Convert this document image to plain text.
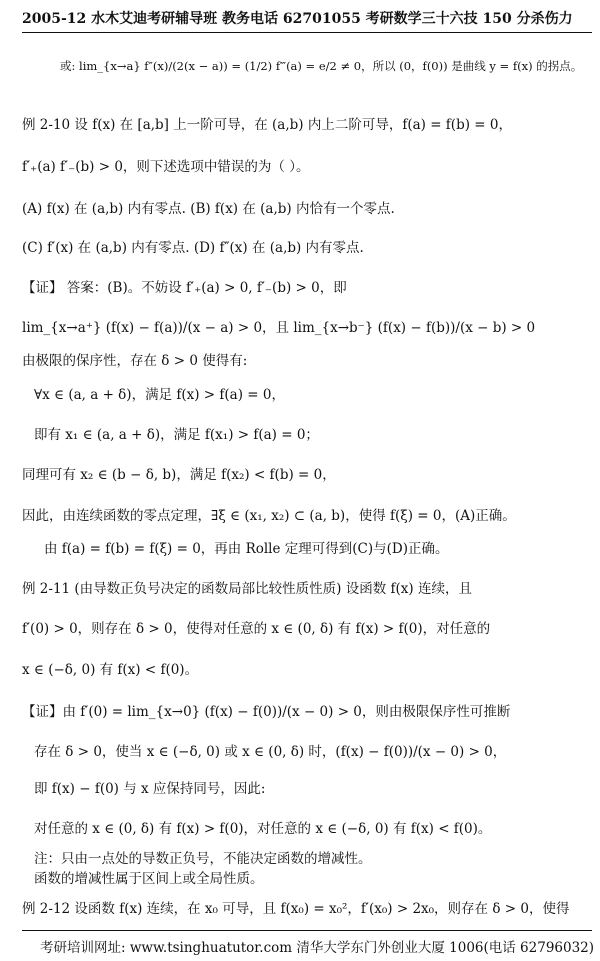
2005-12 水木艾迪考研辅导班 教务电话 62701055 考研数学三十六技 150 分杀伤力
或: lim_{x→a} f″(x)/(2(x − a)) = (1/2) f‴(a) = e/2 ≠ 0，所以 (0，f(0)) 是曲线 y = f(x) 的拐点。
例 2-10 设 f(x) 在 [a,b] 上一阶可导，在 (a,b) 内上二阶可导，f(a) = f(b) = 0，
f′₊(a) f′₋(b) > 0，则下述选项中错误的为（ ）。
(A) f(x) 在 (a,b) 内有零点. (B) f(x) 在 (a,b) 内恰有一个零点.
(C) f′(x) 在 (a,b) 内有零点. (D) f″(x) 在 (a,b) 内有零点.
【证】 答案：(B)。不妨设 f′₊(a) > 0, f′₋(b) > 0，即
lim_{x→a⁺} (f(x) − f(a))/(x − a) > 0，且 lim_{x→b⁻} (f(x) − f(b))/(x − b) > 0
由极限的保序性，存在 δ > 0 使得有:
∀x ∈ (a, a + δ)，满足 f(x) > f(a) = 0，
即有 x₁ ∈ (a, a + δ)，满足 f(x₁) > f(a) = 0；
同理可有 x₂ ∈ (b − δ, b)，满足 f(x₂) < f(b) = 0，
因此，由连续函数的零点定理，∃ξ ∈ (x₁, x₂) ⊂ (a, b)，使得 f(ξ) = 0，(A)正确。
由 f(a) = f(b) = f(ξ) = 0，再由 Rolle 定理可得到(C)与(D)正确。
例 2-11 (由导数正负号决定的函数局部比较性质性质) 设函数 f(x) 连续，且
f′(0) > 0，则存在 δ > 0，使得对任意的 x ∈ (0, δ) 有 f(x) > f(0)，对任意的
x ∈ (−δ, 0) 有 f(x) < f(0)。
【证】由 f′(0) = lim_{x→0} (f(x) − f(0))/(x − 0) > 0，则由极限保序性可推断
存在 δ > 0，使当 x ∈ (−δ, 0) 或 x ∈ (0, δ) 时，(f(x) − f(0))/(x − 0) > 0，
即 f(x) − f(0) 与 x 应保持同号，因此:
对任意的 x ∈ (0, δ) 有 f(x) > f(0)，对任意的 x ∈ (−δ, 0) 有 f(x) < f(0)。
注：只由一点处的导数正负号，不能决定函数的增减性。
函数的增减性属于区间上或全局性质。
例 2-12 设函数 f(x) 连续，在 x₀ 可导，且 f(x₀) = x₀²，f′(x₀) > 2x₀，则存在 δ > 0，使得
考研培训网址: www.tsinghuatutor.com 清华大学东门外创业大厦 1006(电话 62796032)
